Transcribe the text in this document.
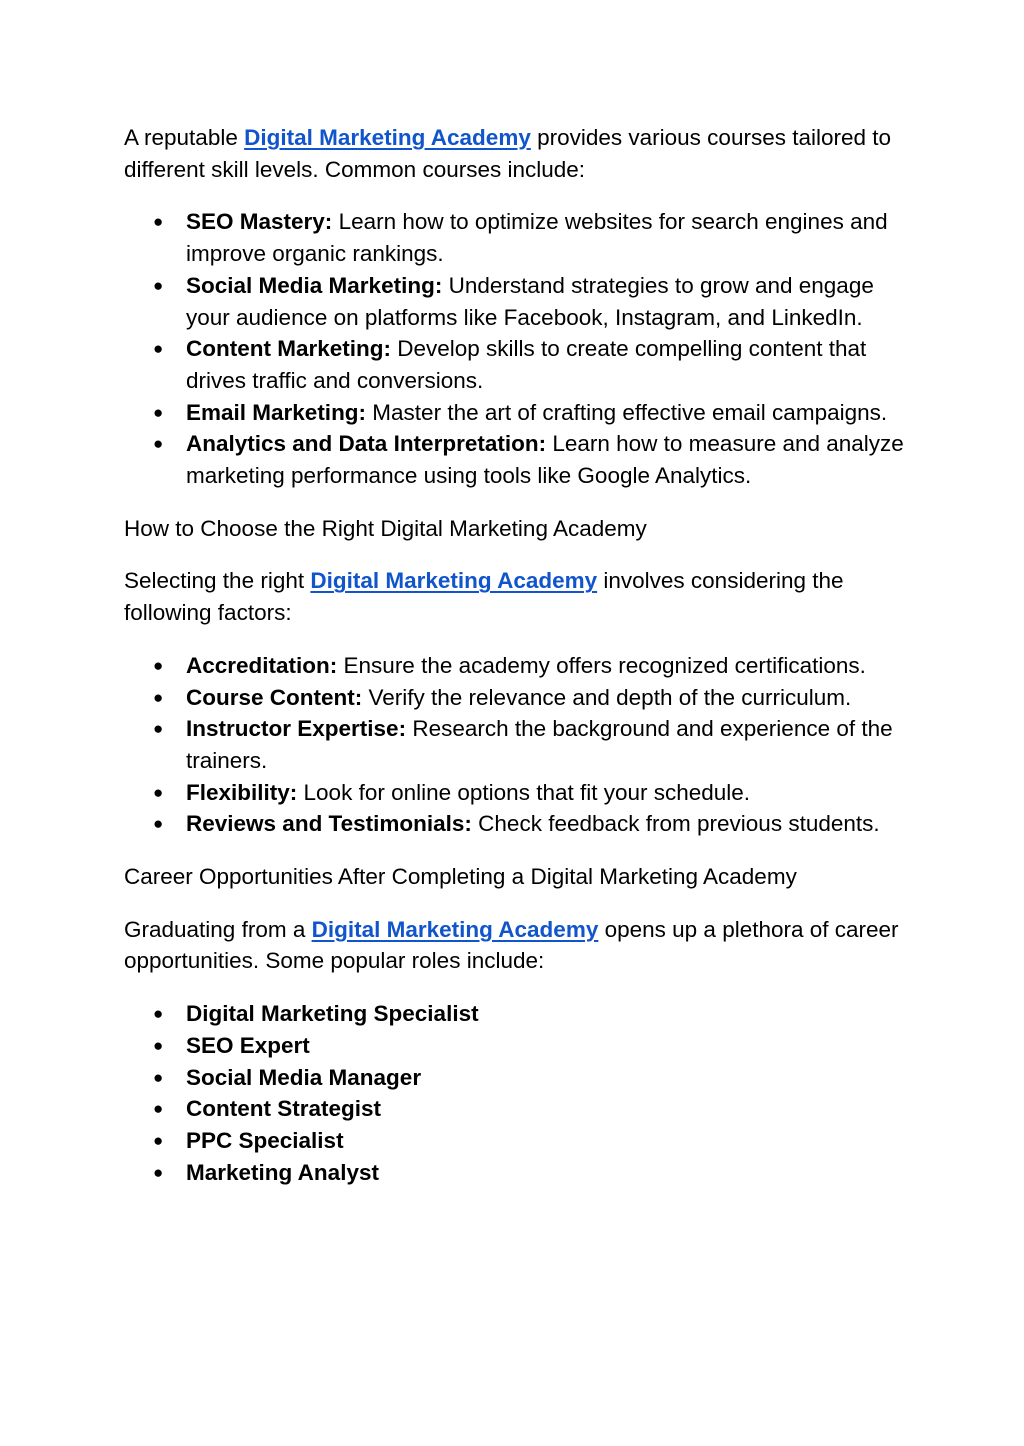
A reputable Digital Marketing Academy provides various courses tailored to different skill levels. Common courses include:

● SEO Mastery: Learn how to optimize websites for search engines and improve organic rankings.
● Social Media Marketing: Understand strategies to grow and engage your audience on platforms like Facebook, Instagram, and LinkedIn.
● Content Marketing: Develop skills to create compelling content that drives traffic and conversions.
● Email Marketing: Master the art of crafting effective email campaigns.
● Analytics and Data Interpretation: Learn how to measure and analyze marketing performance using tools like Google Analytics.

How to Choose the Right Digital Marketing Academy

Selecting the right Digital Marketing Academy involves considering the following factors:

● Accreditation: Ensure the academy offers recognized certifications.
● Course Content: Verify the relevance and depth of the curriculum.
● Instructor Expertise: Research the background and experience of the trainers.
● Flexibility: Look for online options that fit your schedule.
● Reviews and Testimonials: Check feedback from previous students.

Career Opportunities After Completing a Digital Marketing Academy

Graduating from a Digital Marketing Academy opens up a plethora of career opportunities. Some popular roles include:

● Digital Marketing Specialist
● SEO Expert
● Social Media Manager
● Content Strategist
● PPC Specialist
● Marketing Analyst
